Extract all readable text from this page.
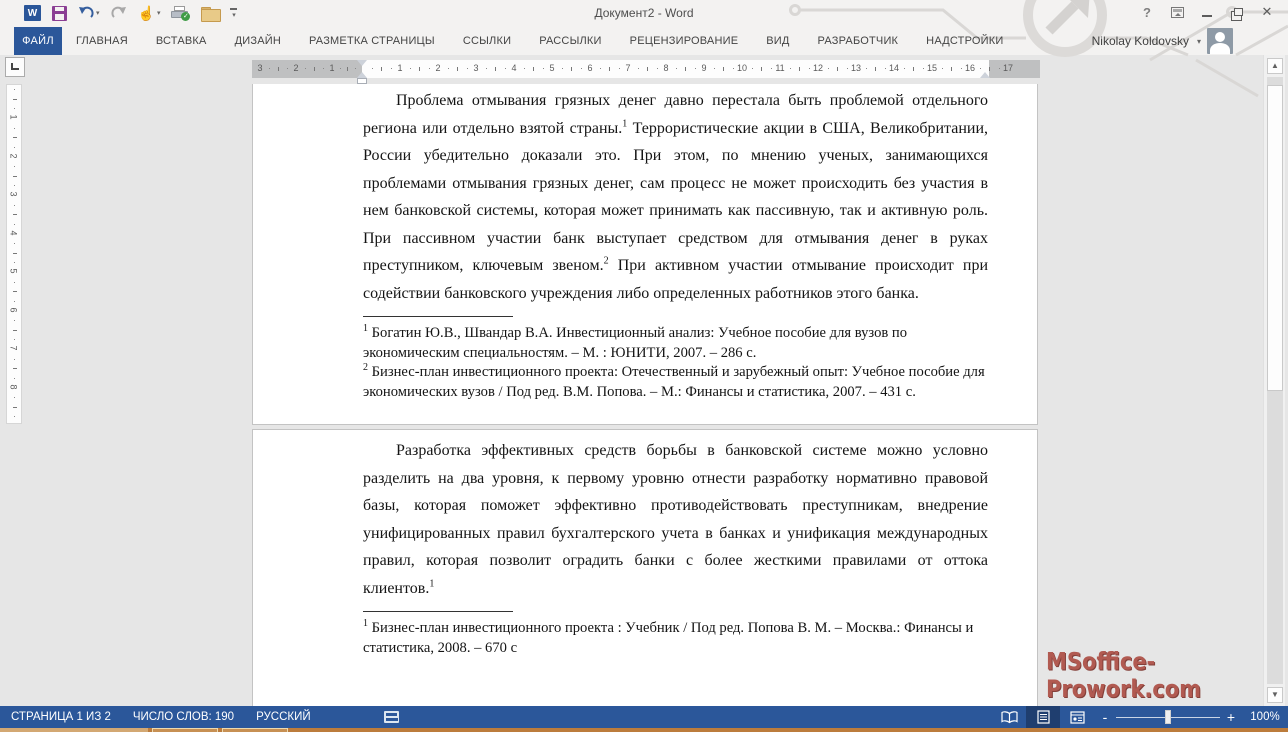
W	▾	☝ ▾	✓	▾	Документ2 - Word	?	✕
ФАЙЛ	ГЛАВНАЯ	ВСТАВКА	ДИЗАЙН	РАЗМЕТКА СТРАНИЦЫ	ССЫЛКИ	РАССЫЛКИ	РЕЦЕНЗИРОВАНИЕ	ВИД	РАЗРАБОТЧИК	НАДСТРОЙКИ	Nikolay Koldovsky ▾
3	2	1	1	2	3	4	5	6	7	8	9	10	11	12	13	14	15	16	17
1
2
3
4
5
6
7
8

Проблема отмывания грязных денег давно перестала быть проблемой отдельного региона или отдельно взятой страны.$^1$ Террористические акции в США, Великобритании, России убедительно доказали это. При этом, по мнению ученых, занимающихся проблемами отмывания грязных денег, сам процесс не может происходить без участия в нем банковской системы, которая может принимать как пассивную, так и активную роль. При пассивном участии банк выступает средством для отмывания денег в руках преступником, ключевым звеном.$^2$ При активном участии отмывание происходит при содействии банковского учреждения либо определенных работников этого банка.

$^1$ Богатин Ю.В., Швандар В.А. Инвестиционный анализ: Учебное пособие для вузов по экономическим специальностям. – М. : ЮНИТИ, 2007. – 286 с.
$^2$ Бизнес-план инвестиционного проекта: Отечественный и зарубежный опыт: Учебное пособие для экономических вузов / Под ред. В.М. Попова. – М.: Финансы и статистика, 2007. – 431 с.

Разработка эффективных средств борьбы в банковской системе можно условно разделить на два уровня, к первому уровню отнести разработку нормативно правовой базы, которая поможет эффективно противодействовать преступникам, внедрение унифицированных правил бухгалтерского учета в банках и унификация международных правил, которая позволит оградить банки с более жесткими правилами от оттока клиентов.$^1$

$^1$ Бизнес-план инвестиционного проекта : Учебник / Под ред. Попова В. М. – Москва.: Финансы и статистика, 2008. – 670 с	MSoffice-Prowork.com
▲
▼
СТРАНИЦА 1 ИЗ 2	ЧИСЛО СЛОВ: 190	РУССКИЙ	-	+	100%
